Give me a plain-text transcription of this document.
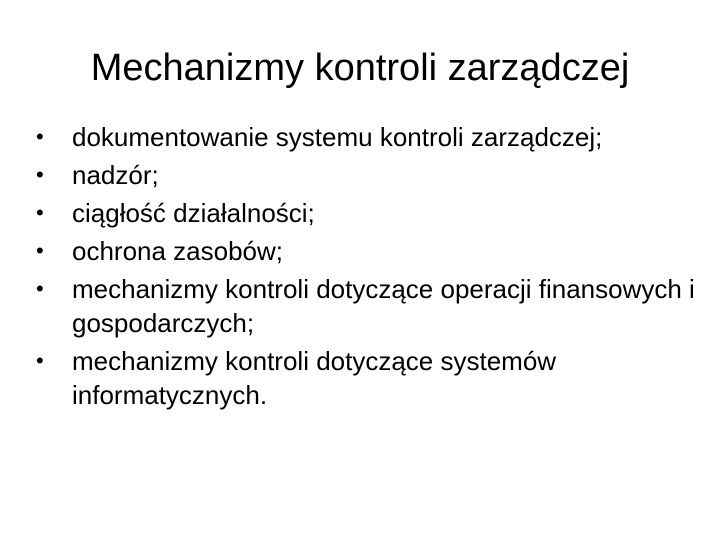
Mechanizmy kontroli zarządczej
•	dokumentowanie systemu kontroli zarządczej;
•	nadzór;
•	ciągłość działalności;
•	ochrona zasobów;
•	mechanizmy kontroli dotyczące operacji finansowych i gospodarczych;
•	mechanizmy kontroli dotyczące systemów informatycznych.
